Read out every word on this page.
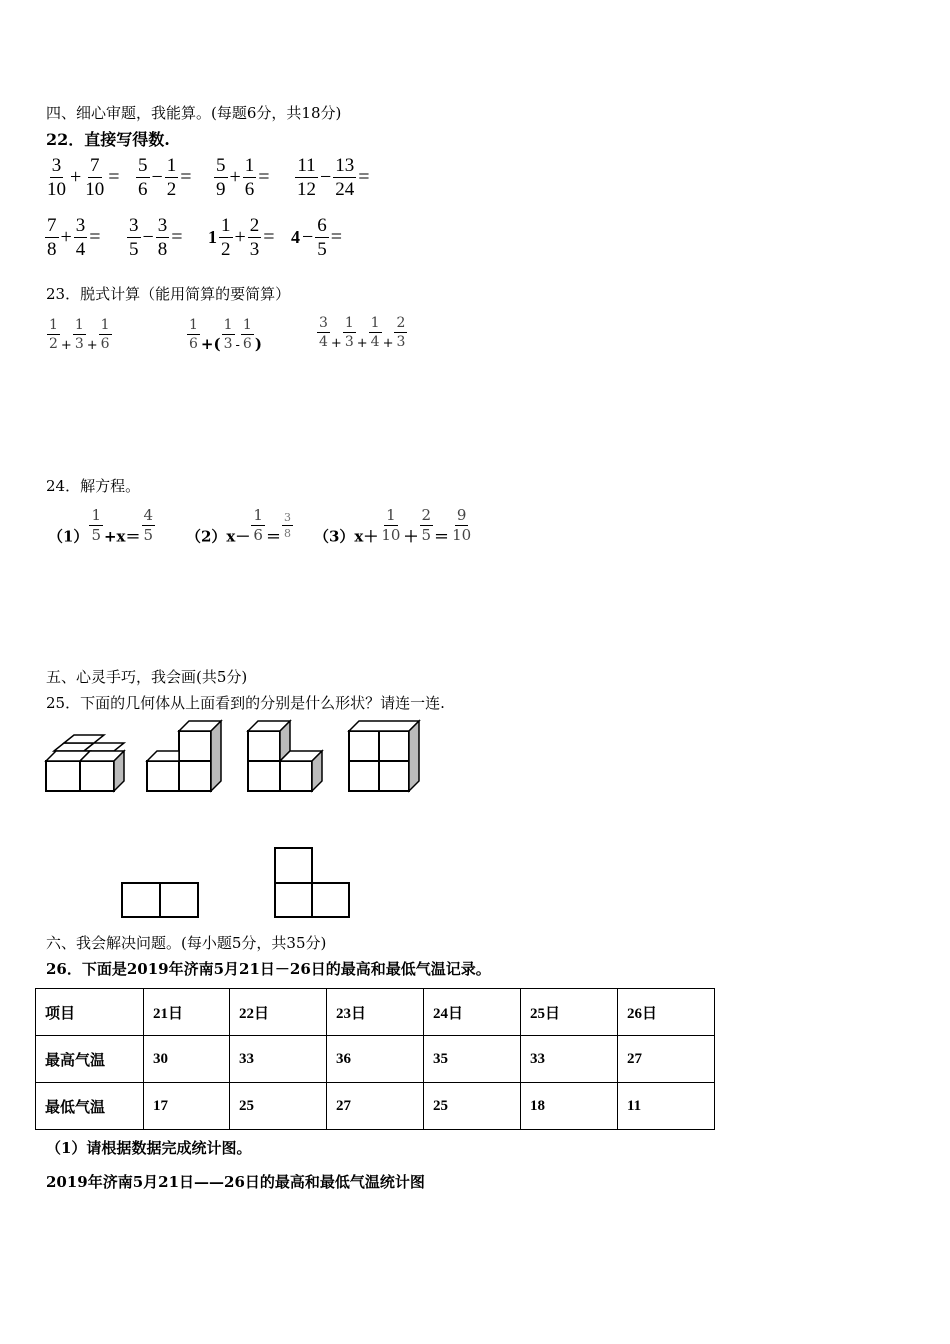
四、细心审题，我能算。(每题6分，共18分)
22．直接写得数.
$\frac{3}{10} + \frac{7}{10} = \frac{5}{6} - \frac{1}{2} = \frac{5}{9} + \frac{1}{6} = \frac{11}{12} - \frac{13}{24}$ =
$\frac{7}{8} + \frac{3}{4} = \frac{3}{5} - \frac{3}{8} = 1 \frac{1}{2} + \frac{2}{3} = 4 - \frac{6}{5}$ =
23．脱式计算（能用简算的要简算）
$\frac{1}{2} _+ \frac{1}{3} _+ \frac{1}{6}$	$\frac{1}{6}$ +( $\frac{1}{3} _- \frac{1}{6}$ )	$\frac{3}{4} _+ \frac{1}{3} _+ \frac{1}{4} _+ \frac{2}{3}$
24．解方程。
$(1) \frac{1}{5} +x= \frac{4}{5} (2)x- \frac{1}{6} = \frac{3}{8} (3)x+ \frac{1}{10} + \frac{2}{5} = \frac{9}{10}$
五、心灵手巧，我会画(共5分)
25．下面的几何体从上面看到的分别是什么形状？请连一连.
六、我会解决问题。(每小题5分，共35分)
26．下面是2019年济南5月21日－26日的最高和最低气温记录。
项目	21日	22日	23日	24日	25日	26日
最高气温	30	33	36	35	33	27
最低气温	17	25	27	25	18	11
（1）请根据数据完成统计图。
2019年济南5月21日——26日的最高和最低气温统计图
